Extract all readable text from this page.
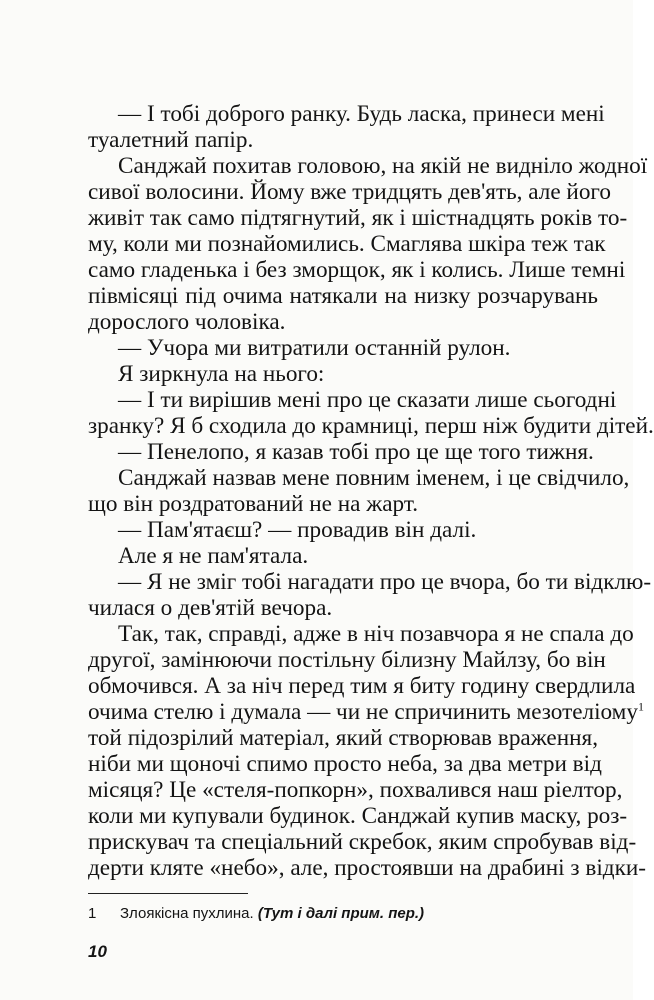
— І тобі доброго ранку. Будь ласка, принеси мені
туалетний папір.
Санджай похитав головою, на якій не видніло жодної
сивої волосини. Йому вже тридцять дев'ять, але його
живіт так само підтягнутий, як і шістнадцять років то-
му, коли ми познайомились. Смаглява шкіра теж так
само гладенька і без зморщок, як і колись. Лише темні
півмісяці під очима натякали на низку розчарувань
дорослого чоловіка.
— Учора ми витратили останній рулон.
Я зиркнула на нього:
— І ти вирішив мені про це сказати лише сьогодні
зранку? Я б сходила до крамниці, перш ніж будити дітей.
— Пенелопо, я казав тобі про це ще того тижня.
Санджай назвав мене повним іменем, і це свідчило,
що він роздратований не на жарт.
— Пам'ятаєш? — провадив він далі.
Але я не пам'ятала.
— Я не зміг тобі нагадати про це вчора, бо ти відклю-
чилася о дев'ятій вечора.
Так, так, справді, адже в ніч позавчора я не спала до
другої, замінюючи постільну білизну Майлзу, бо він
обмочився. А за ніч перед тим я биту годину свердлила
очима стелю і думала — чи не спричинить мезотеліому$^1$
той підозрілий матеріал, який створював враження,
ніби ми щоночі спимо просто неба, за два метри від
місяця? Це «стеля-попкорн», похвалився наш ріелтор,
коли ми купували будинок. Санджай купив маску, роз-
прискувач та спеціальний скребок, яким спробував від-
дерти кляте «небо», але, простоявши на драбині з відки-
1 Злоякісна пухлина. (Тут і далі прим. пер.)
10
